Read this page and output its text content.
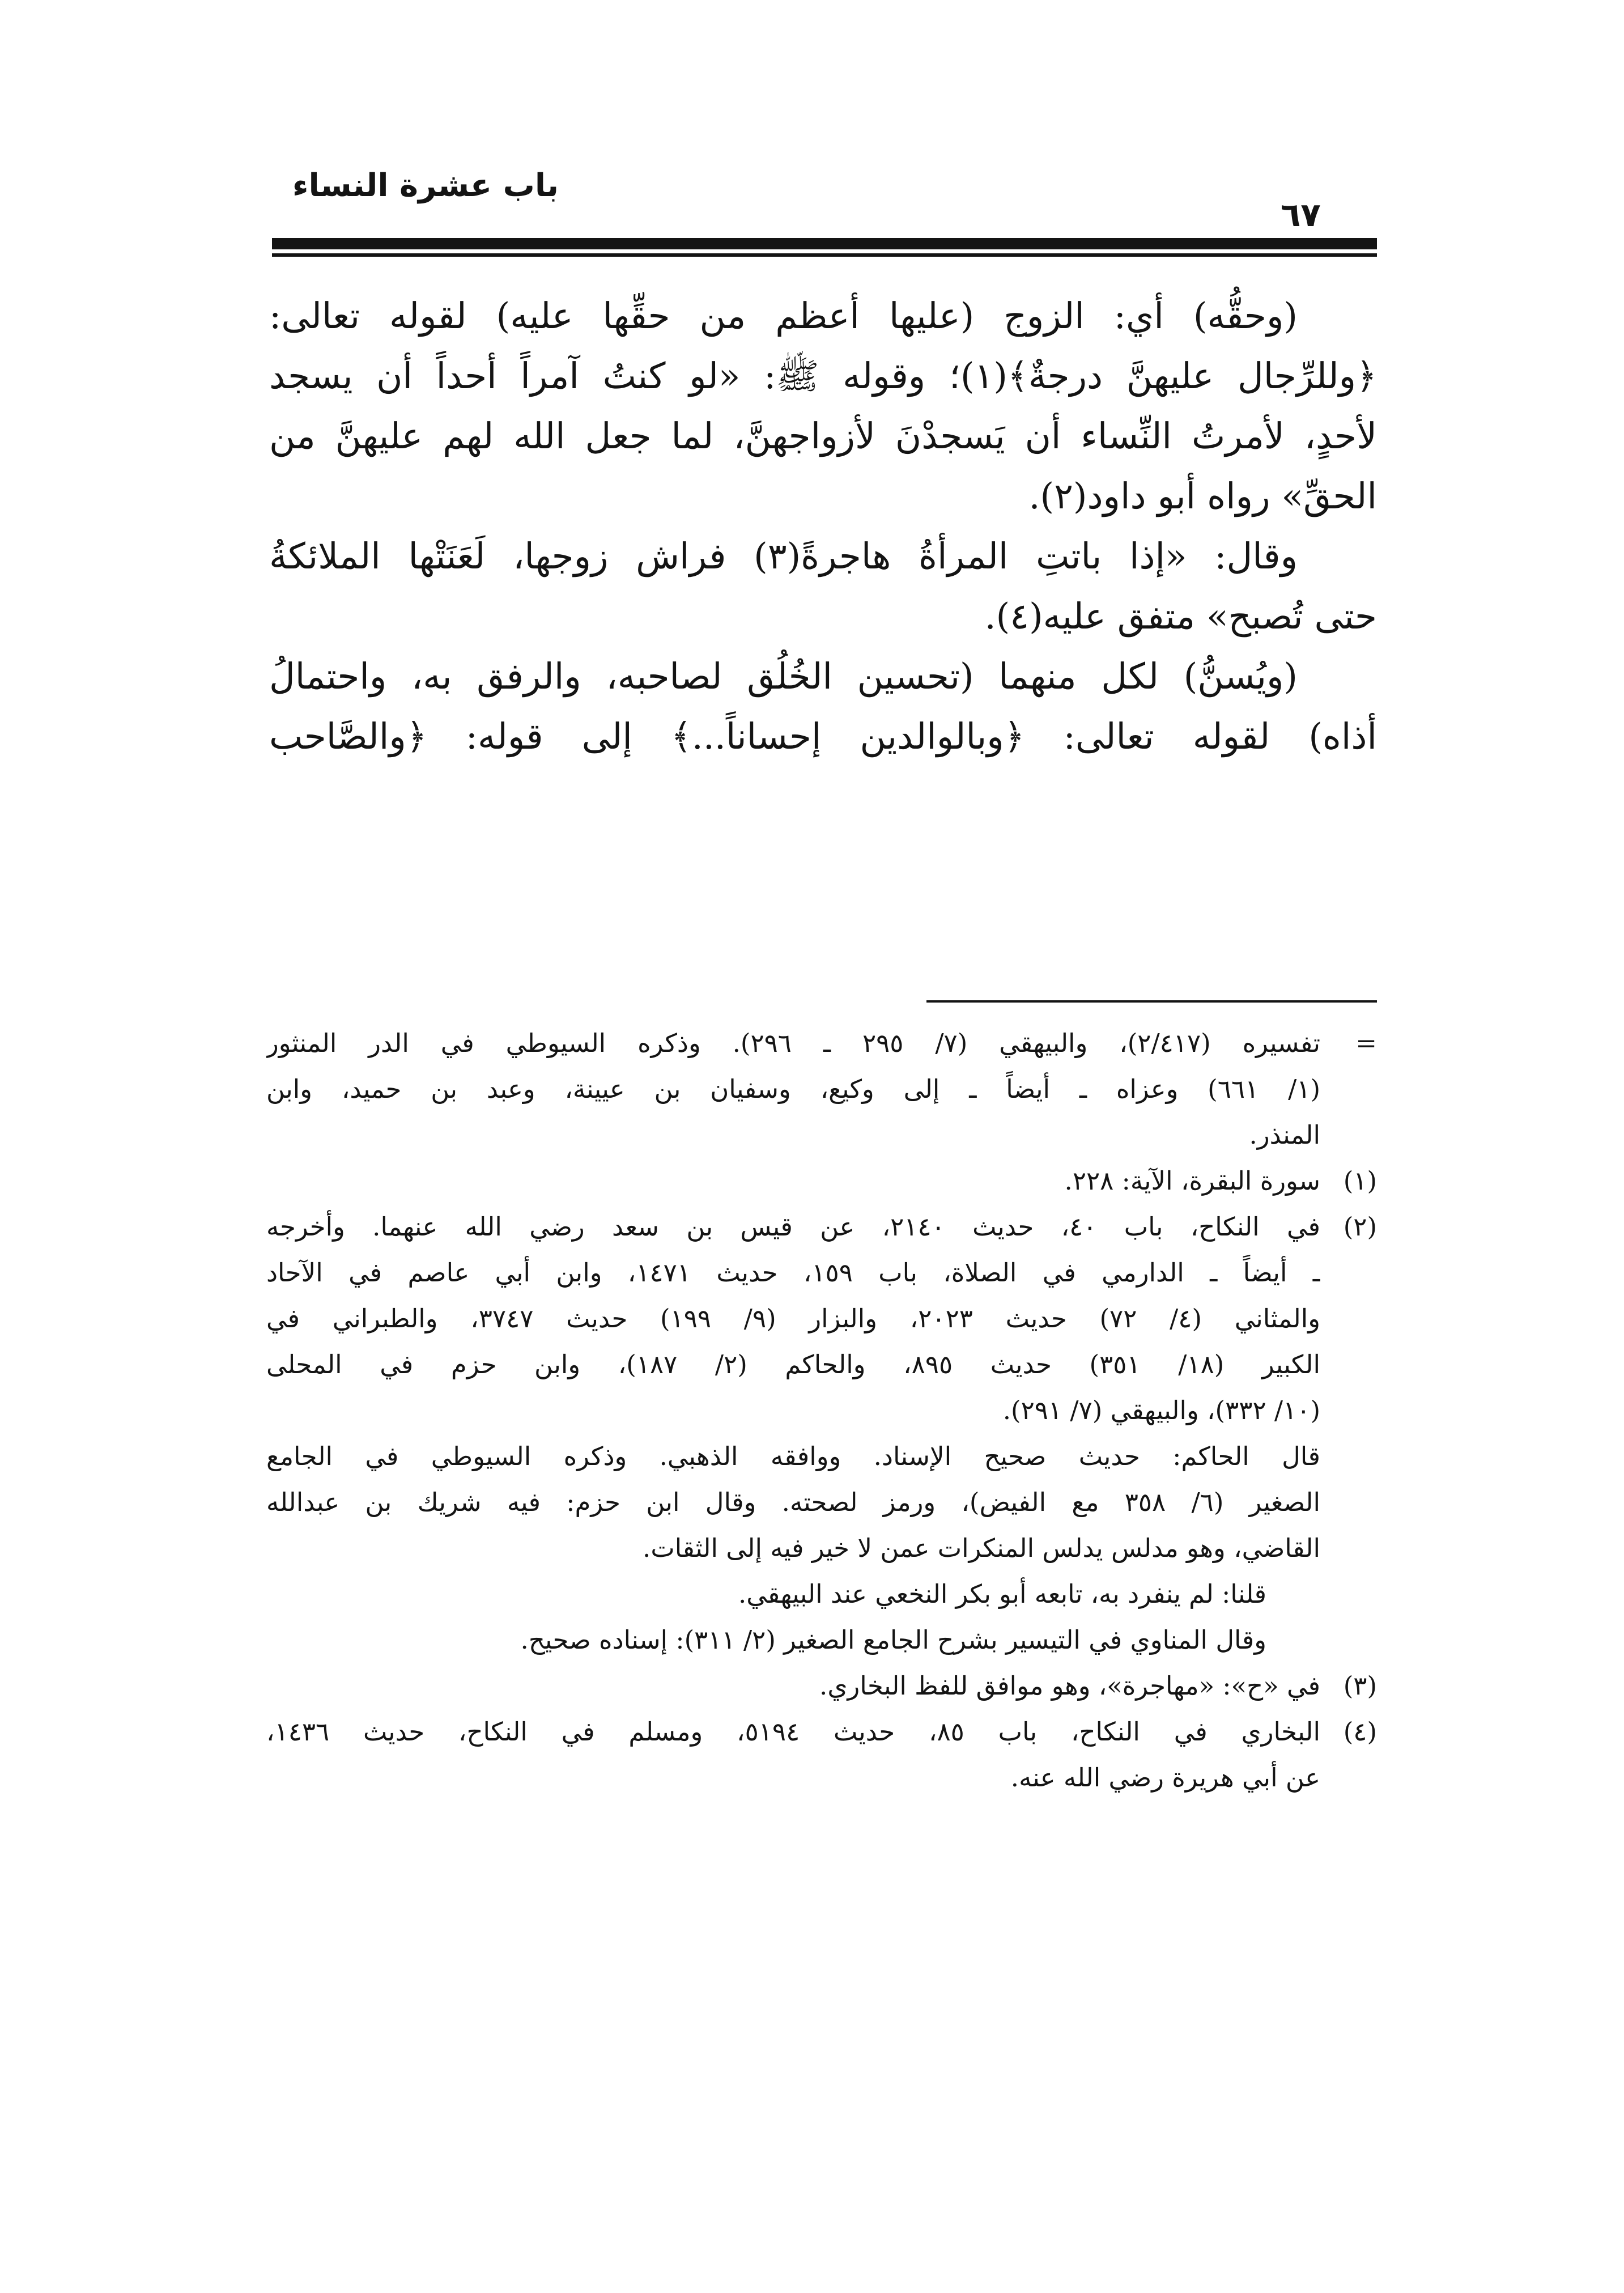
باب عشرة النساء
٦٧
(وحقُّه) أي: الزوج (عليها أعظم من حقِّها عليه) لقوله تعالى:
﴿وللرِّجال عليهنَّ درجةٌ﴾(١)؛ وقوله ﷺ: «لو كنتُ آمراً أحداً أن يسجد
لأحدٍ، لأمرتُ النِّساء أن يَسجدْنَ لأزواجهنَّ، لما جعل الله لهم عليهنَّ من
الحقِّ» رواه أبو داود(٢).
وقال: «إذا باتتِ المرأةُ هاجرةً(٣) فراش زوجها، لَعَنَتْها الملائكةُ
حتى تُصبح» متفق عليه(٤).
(ويُسنُّ) لكل منهما (تحسين الخُلُق لصاحبه، والرفق به، واحتمالُ
أذاه) لقوله تعالى: ﴿وبالوالدين إحساناً...﴾ إلى قوله: ﴿والصَّاحب
=
تفسيره (٢/٤١٧)، والبيهقي (٧/ ٢٩٥ ـ ٢٩٦). وذكره السيوطي في الدر المنثور
(١/ ٦٦١) وعزاه ـ أيضاً ـ إلى وكيع، وسفيان بن عيينة، وعبد بن حميد، وابن
المنذر.
(١)
سورة البقرة، الآية: ٢٢٨.
(٢)
في النكاح، باب ٤٠، حديث ٢١٤٠، عن قيس بن سعد رضي الله عنهما. وأخرجه
ـ أيضاً ـ الدارمي في الصلاة، باب ١٥٩، حديث ١٤٧١، وابن أبي عاصم في الآحاد
والمثاني (٤/ ٧٢) حديث ٢٠٢٣، والبزار (٩/ ١٩٩) حديث ٣٧٤٧، والطبراني في
الكبير (١٨/ ٣٥١) حديث ٨٩٥، والحاكم (٢/ ١٨٧)، وابن حزم في المحلى
(١٠/ ٣٣٢)، والبيهقي (٧/ ٢٩١).
قال الحاكم: حديث صحيح الإسناد. ووافقه الذهبي. وذكره السيوطي في الجامع
الصغير (٦/ ٣٥٨ مع الفيض)، ورمز لصحته. وقال ابن حزم: فيه شريك بن عبدالله
القاضي، وهو مدلس يدلس المنكرات عمن لا خير فيه إلى الثقات.
قلنا: لم ينفرد به، تابعه أبو بكر النخعي عند البيهقي.
وقال المناوي في التيسير بشرح الجامع الصغير (٢/ ٣١١): إسناده صحيح.
(٣)
في «ح»: «مهاجرة»، وهو موافق للفظ البخاري.
(٤)
البخاري في النكاح، باب ٨٥، حديث ٥١٩٤، ومسلم في النكاح، حديث ١٤٣٦،
عن أبي هريرة رضي الله عنه.
